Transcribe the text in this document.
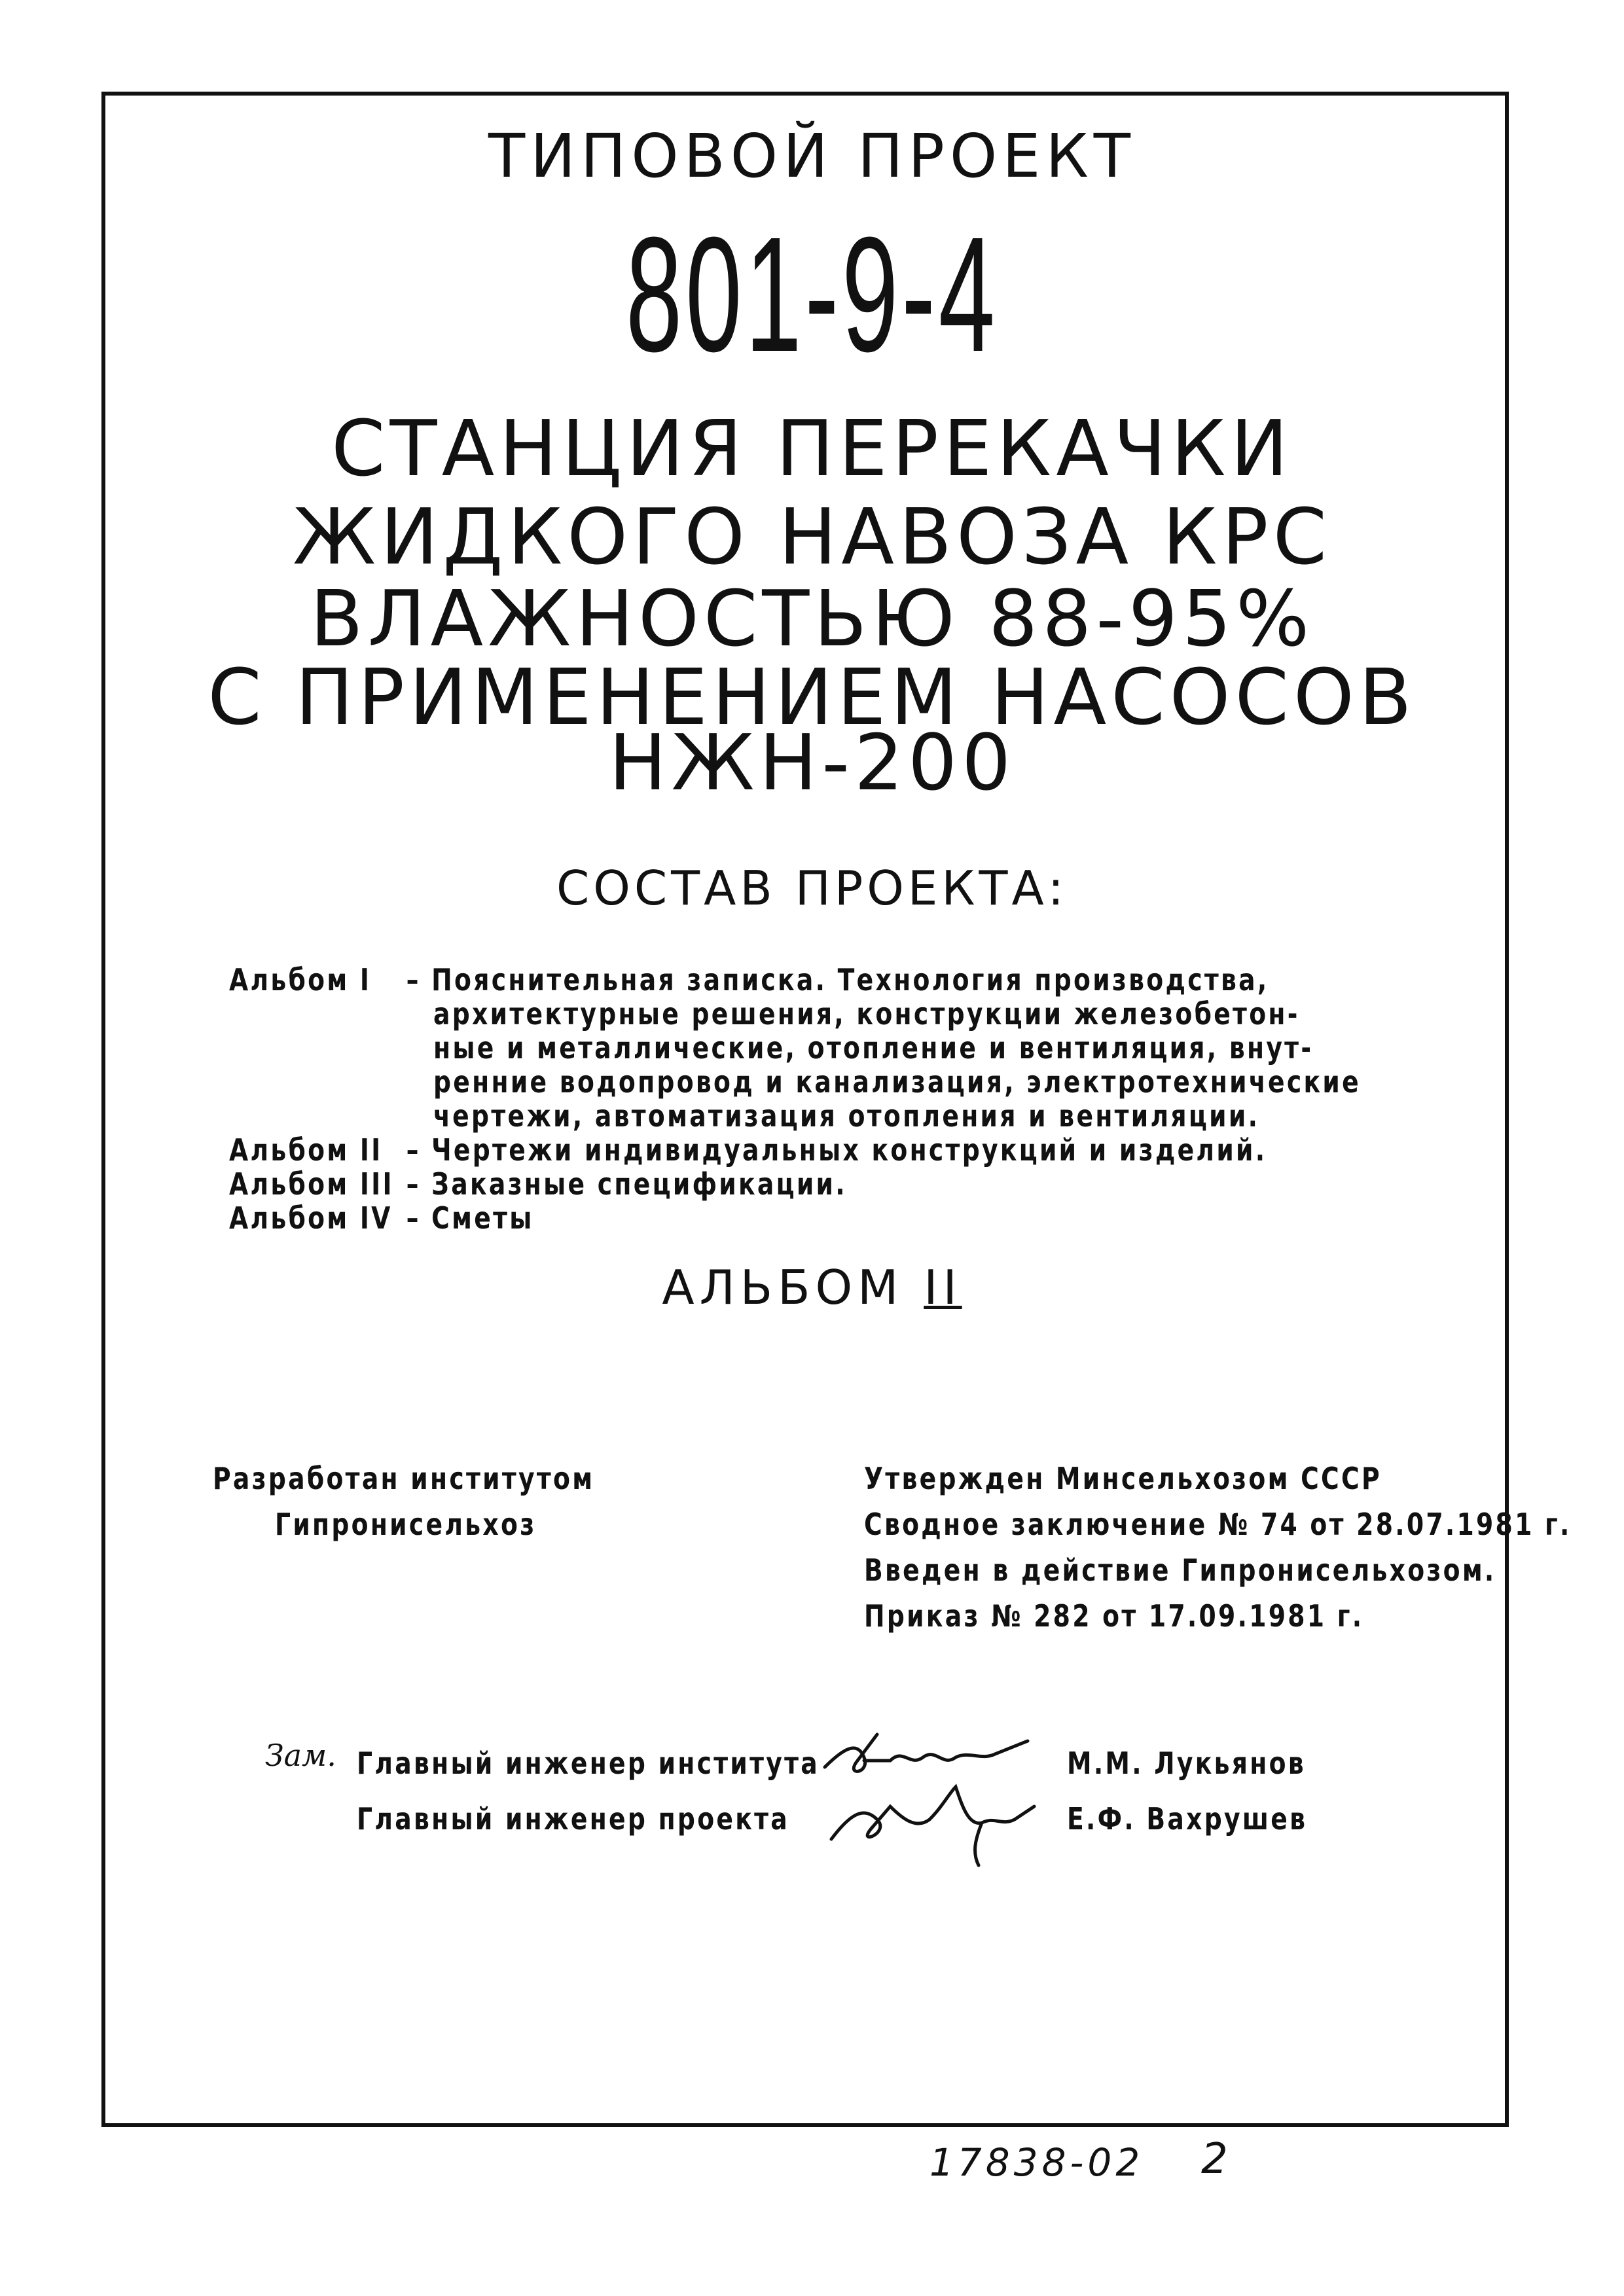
ТИПОВОЙ ПРОЕКТ
801-9-4
СТАНЦИЯ ПЕРЕКАЧКИ
ЖИДКОГО НАВОЗА КРС
ВЛАЖНОСТЬЮ 88-95%
С ПРИМЕНЕНИЕМ НАСОСОВ
НЖН-200
СОСТАВ ПРОЕКТА:
Альбом I – Пояснительная записка. Технология производства,
архитектурные решения, конструкции железобетон-
ные и металлические, отопление и вентиляция, внут-
ренние водопровод и канализация, электротехнические
чертежи, автоматизация отопления и вентиляции.
Альбом II – Чертежи индивидуальных конструкций и изделий.
Альбом III – Заказные спецификации.
Альбом IV – Сметы
АЛЬБОМ II
Разработан институтом
Гипронисельхоз
Утвержден Минсельхозом СССР
Сводное заключение № 74 от 28.07.1981 г.
Введен в действие Гипронисельхозом.
Приказ № 282 от 17.09.1981 г.
Зам. Главный инженер института	М.М. Лукьянов
Главный инженер проекта	Е.Ф. Вахрушев
17838-02 2
